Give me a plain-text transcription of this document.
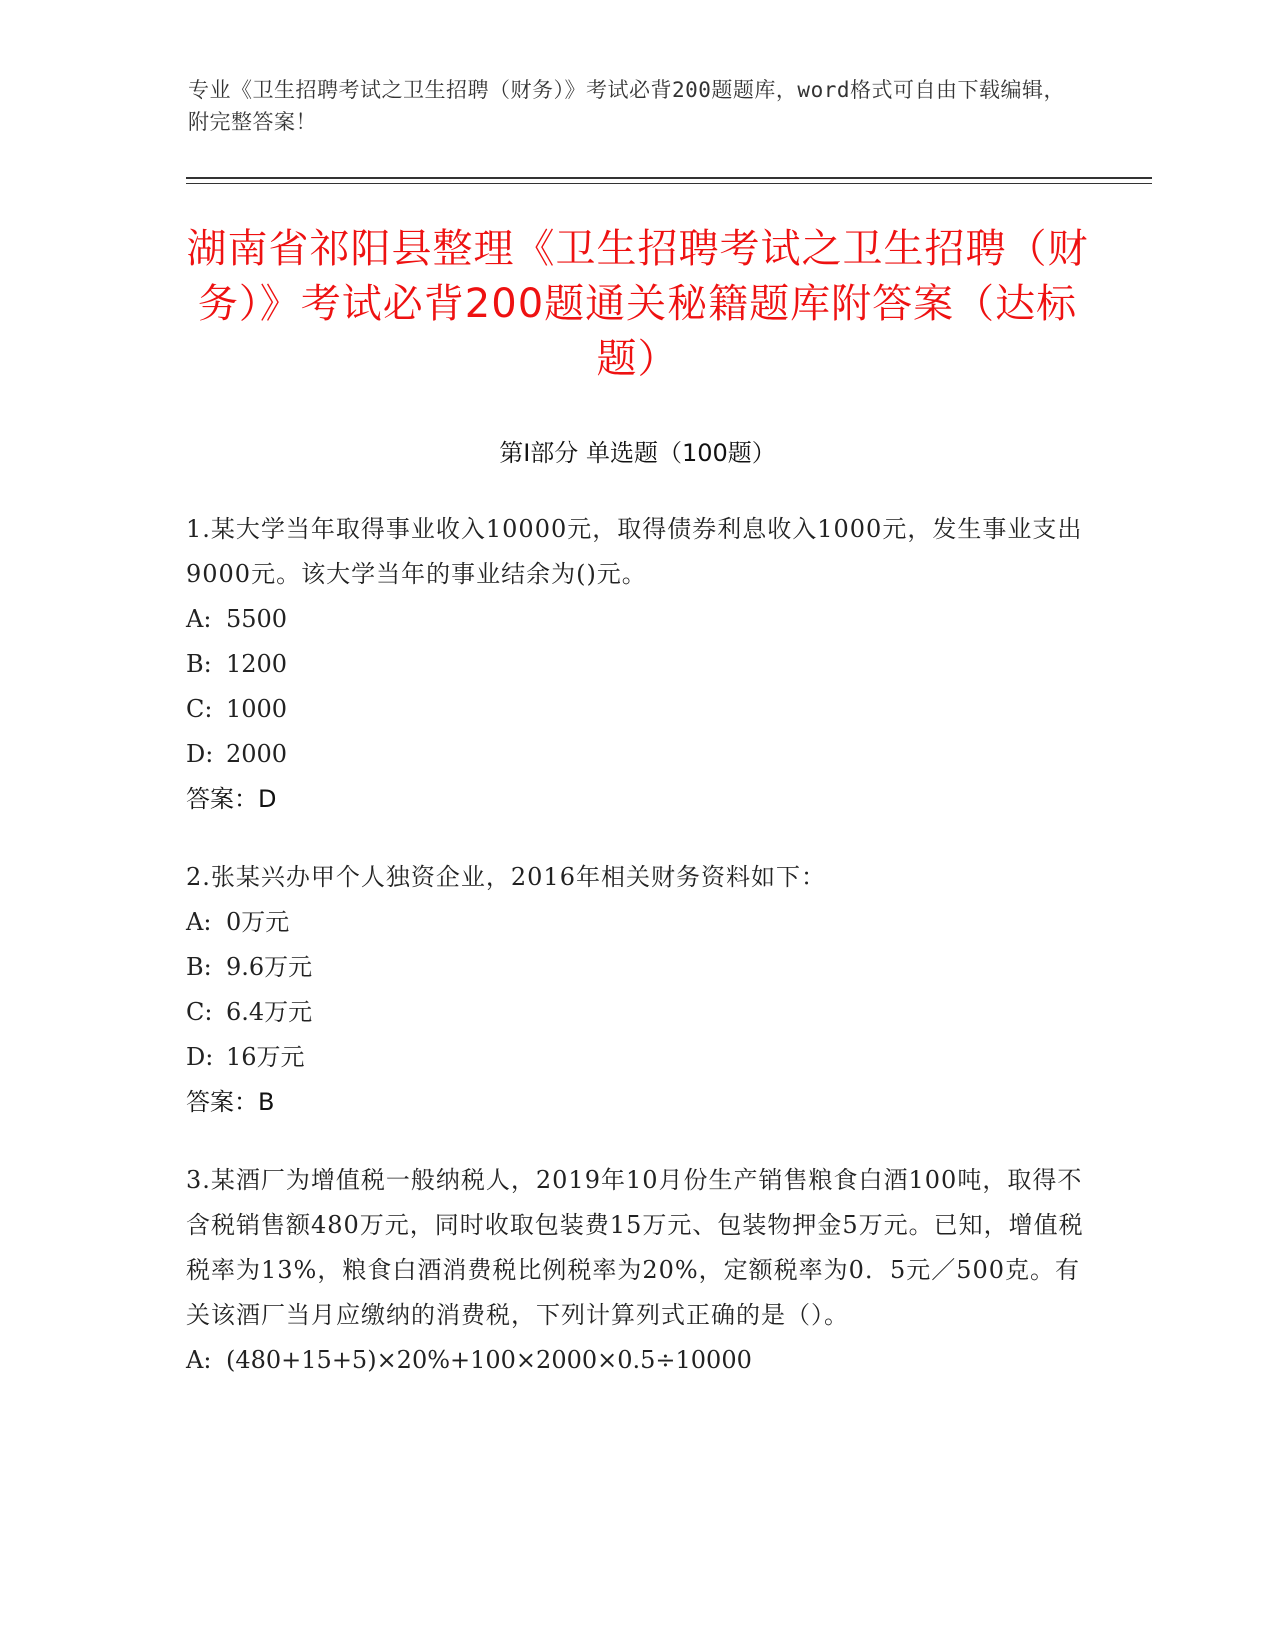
专业《卫生招聘考试之卫生招聘（财务）》考试必背200题题库，word格式可自由下载编辑，附完整答案！
湖南省祁阳县整理《卫生招聘考试之卫生招聘（财务）》考试必背200题通关秘籍题库附答案（达标题）
第I部分 单选题（100题）
1.某大学当年取得事业收入10000元，取得债券利息收入1000元，发生事业支出9000元。该大学当年的事业结余为()元。
A: 5500
B: 1200
C: 1000
D: 2000
答案：D
2.张某兴办甲个人独资企业，2016年相关财务资料如下：
A: 0万元
B: 9.6万元
C: 6.4万元
D: 16万元
答案：B
3.某酒厂为增值税一般纳税人，2019年10月份生产销售粮食白酒100吨，取得不含税销售额480万元，同时收取包装费15万元、包装物押金5万元。已知，增值税税率为13%，粮食白酒消费税比例税率为20%，定额税率为0．5元／500克。有关该酒厂当月应缴纳的消费税，下列计算列式正确的是（）。
A: (480+15+5)×20%+100×2000×0.5÷10000
